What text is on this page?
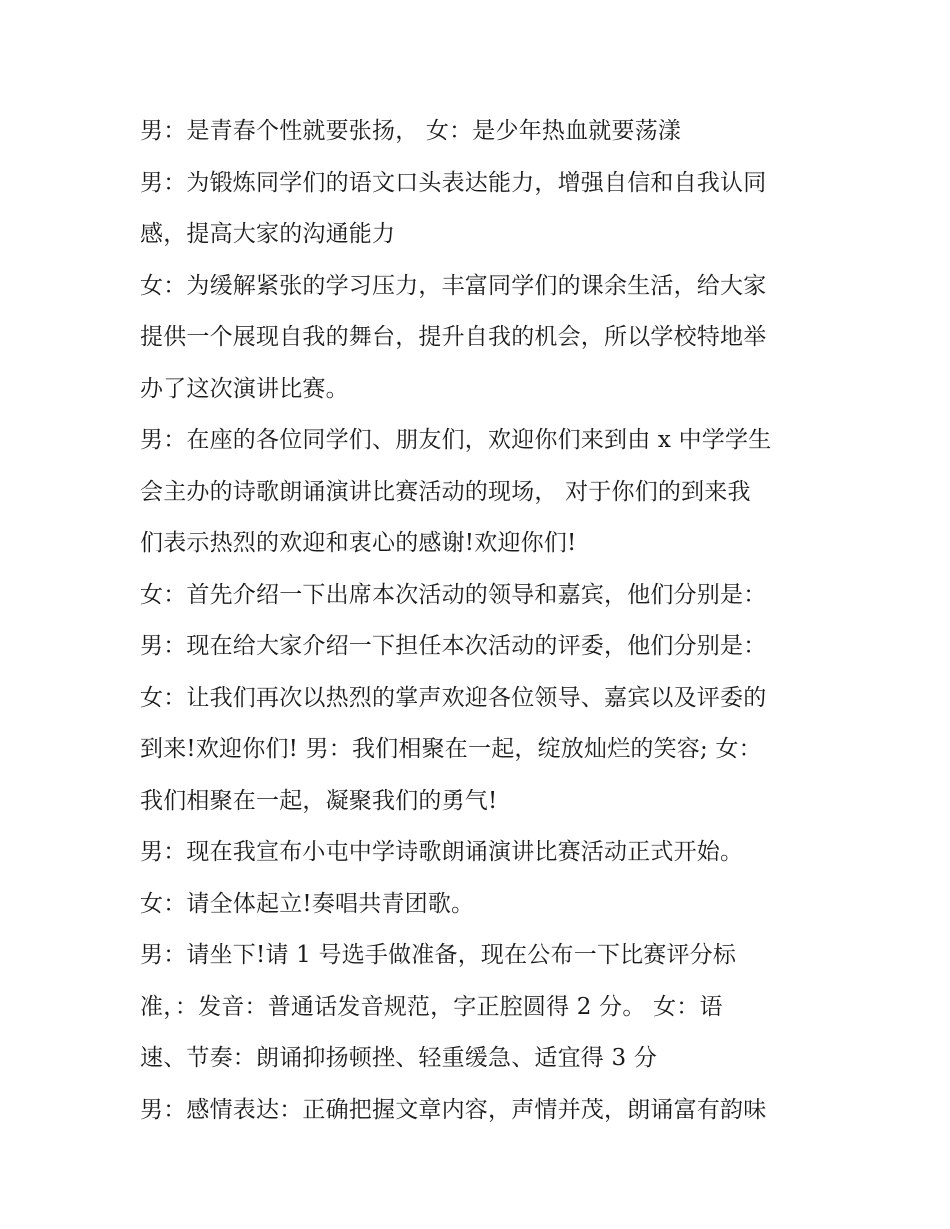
男：是青春个性就要张扬， 女：是少年热血就要荡漾
男：为锻炼同学们的语文口头表达能力，增强自信和自我认同
感，提高大家的沟通能力
女：为缓解紧张的学习压力，丰富同学们的课余生活，给大家
提供一个展现自我的舞台，提升自我的机会，所以学校特地举
办了这次演讲比赛。
男：在座的各位同学们、朋友们，欢迎你们来到由 x 中学学生
会主办的诗歌朗诵演讲比赛活动的现场， 对于你们的到来我
们表示热烈的欢迎和衷心的感谢!欢迎你们!
女：首先介绍一下出席本次活动的领导和嘉宾，他们分别是：
男：现在给大家介绍一下担任本次活动的评委，他们分别是：
女：让我们再次以热烈的掌声欢迎各位领导、嘉宾以及评委的
到来!欢迎你们! 男：我们相聚在一起，绽放灿烂的笑容; 女：
我们相聚在一起，凝聚我们的勇气!
男：现在我宣布小屯中学诗歌朗诵演讲比赛活动正式开始。
女：请全体起立!奏唱共青团歌。
男：请坐下!请 1 号选手做准备，现在公布一下比赛评分标
准，：发音：普通话发音规范，字正腔圆得 2 分。 女：语
速、节奏：朗诵抑扬顿挫、轻重缓急、适宜得 3 分
男：感情表达：正确把握文章内容，声情并茂，朗诵富有韵味
